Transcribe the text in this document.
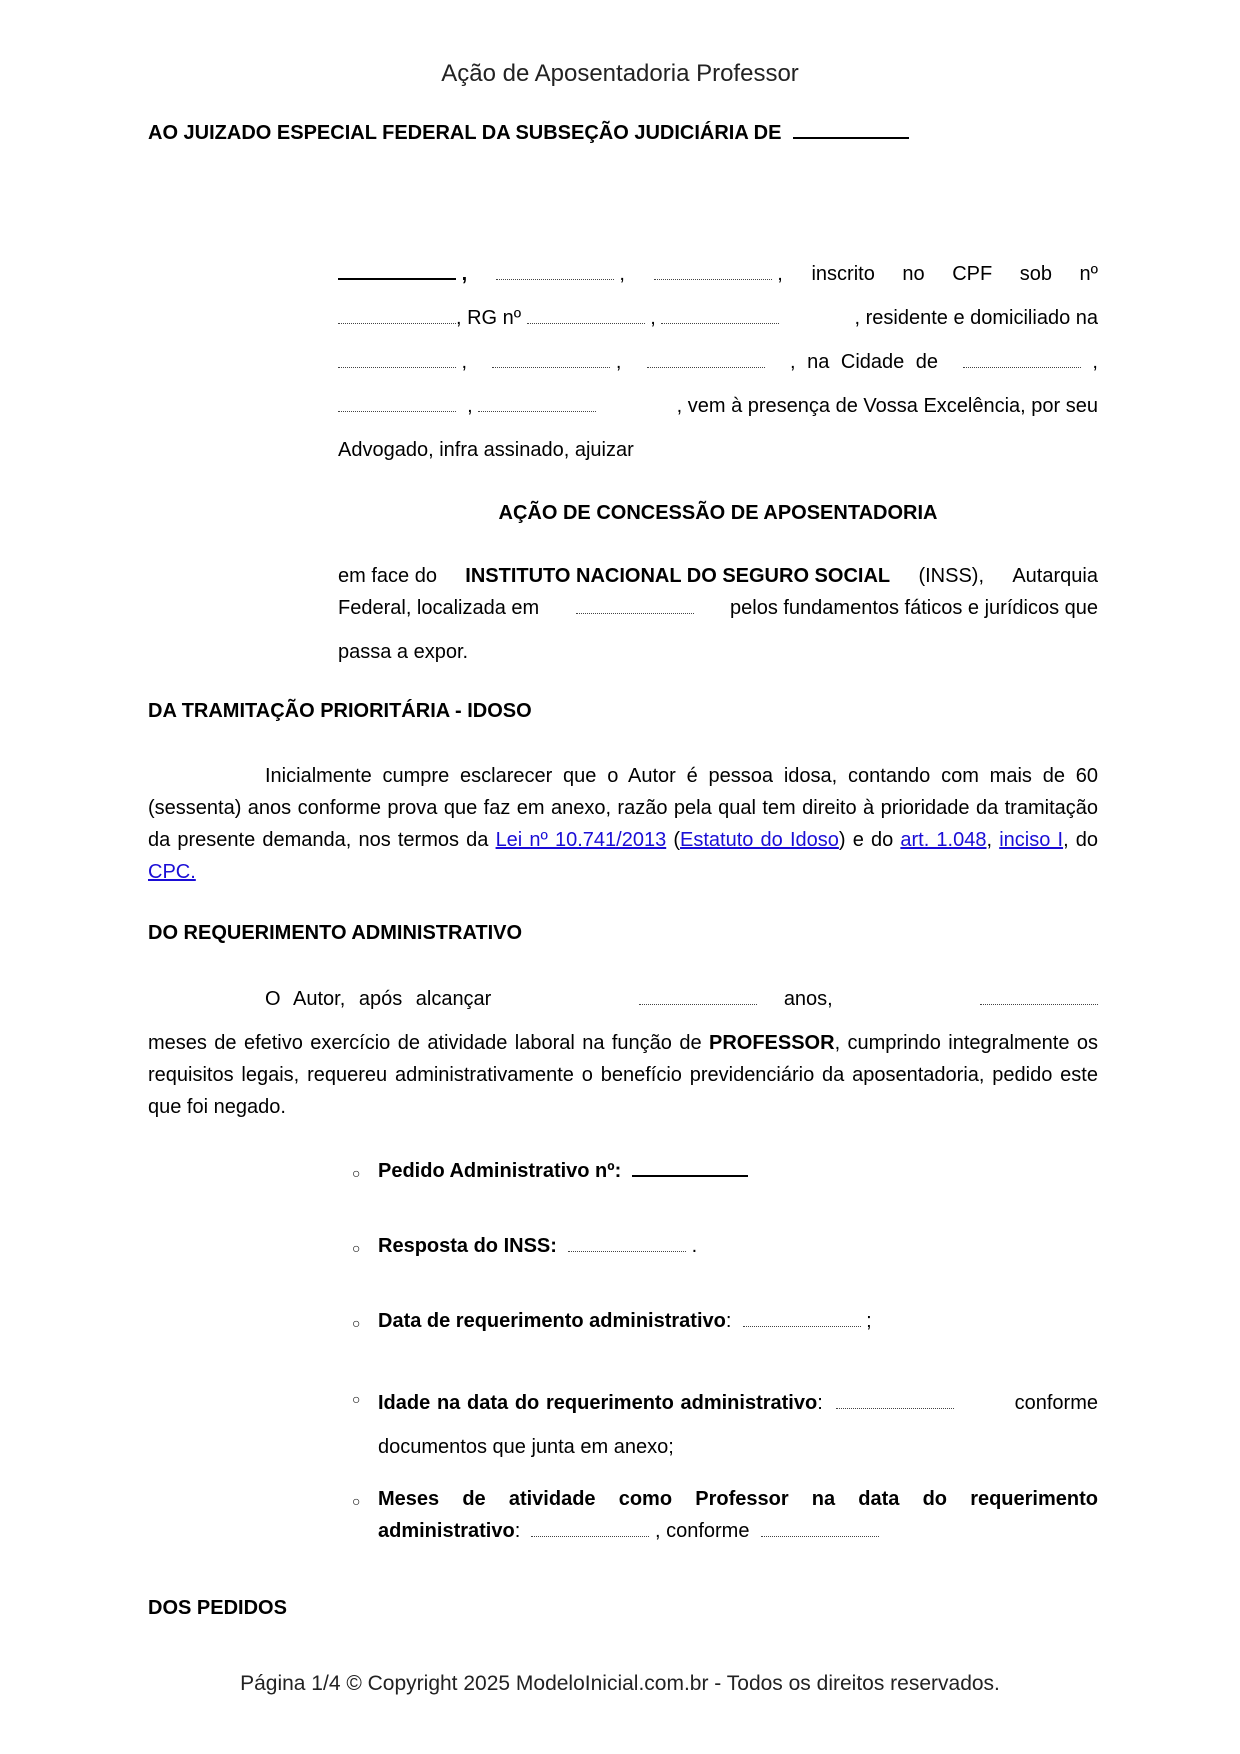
Ação de Aposentadoria Professor
AO JUIZADO ESPECIAL FEDERAL DA SUBSEÇÃO JUDICIÁRIA DE
,	,	, inscrito no CPF sob nº
, RG nº	,	, residente e domiciliado na
,	,	, na Cidade de	,
,	, vem à presença de Vossa Excelência, por seu
Advogado, infra assinado, ajuizar
AÇÃO DE CONCESSÃO DE APOSENTADORIA
em face do INSTITUTO NACIONAL DO SEGURO SOCIAL (INSS), Autarquia
Federal, localizada em	pelos fundamentos fáticos e jurídicos que
passa a expor.
DA TRAMITAÇÃO PRIORITÁRIA - IDOSO
Inicialmente cumpre esclarecer que o Autor é pessoa idosa, contando com mais de 60 (sessenta) anos conforme prova que faz em anexo, razão pela qual tem direito à prioridade da tramitação da presente demanda, nos termos da Lei nº 10.741/2013 (Estatuto do Idoso) e do art. 1.048, inciso I, do CPC.
DO REQUERIMENTO ADMINISTRATIVO
O Autor, após alcançar	anos,
meses de efetivo exercício de atividade laboral na função de PROFESSOR, cumprindo integralmente os requisitos legais, requereu administrativamente o benefício previdenciário da aposentadoria, pedido este que foi negado.
○ Pedido Administrativo nº:
○ Resposta do INSS:	.
○ Data de requerimento administrativo:	;
○ Idade na data do requerimento administrativo:	conforme documentos que junta em anexo;
○ Meses de atividade como Professor na data do requerimento administrativo:	, conforme
DOS PEDIDOS
Página 1/4 © Copyright 2025 ModeloInicial.com.br - Todos os direitos reservados.
